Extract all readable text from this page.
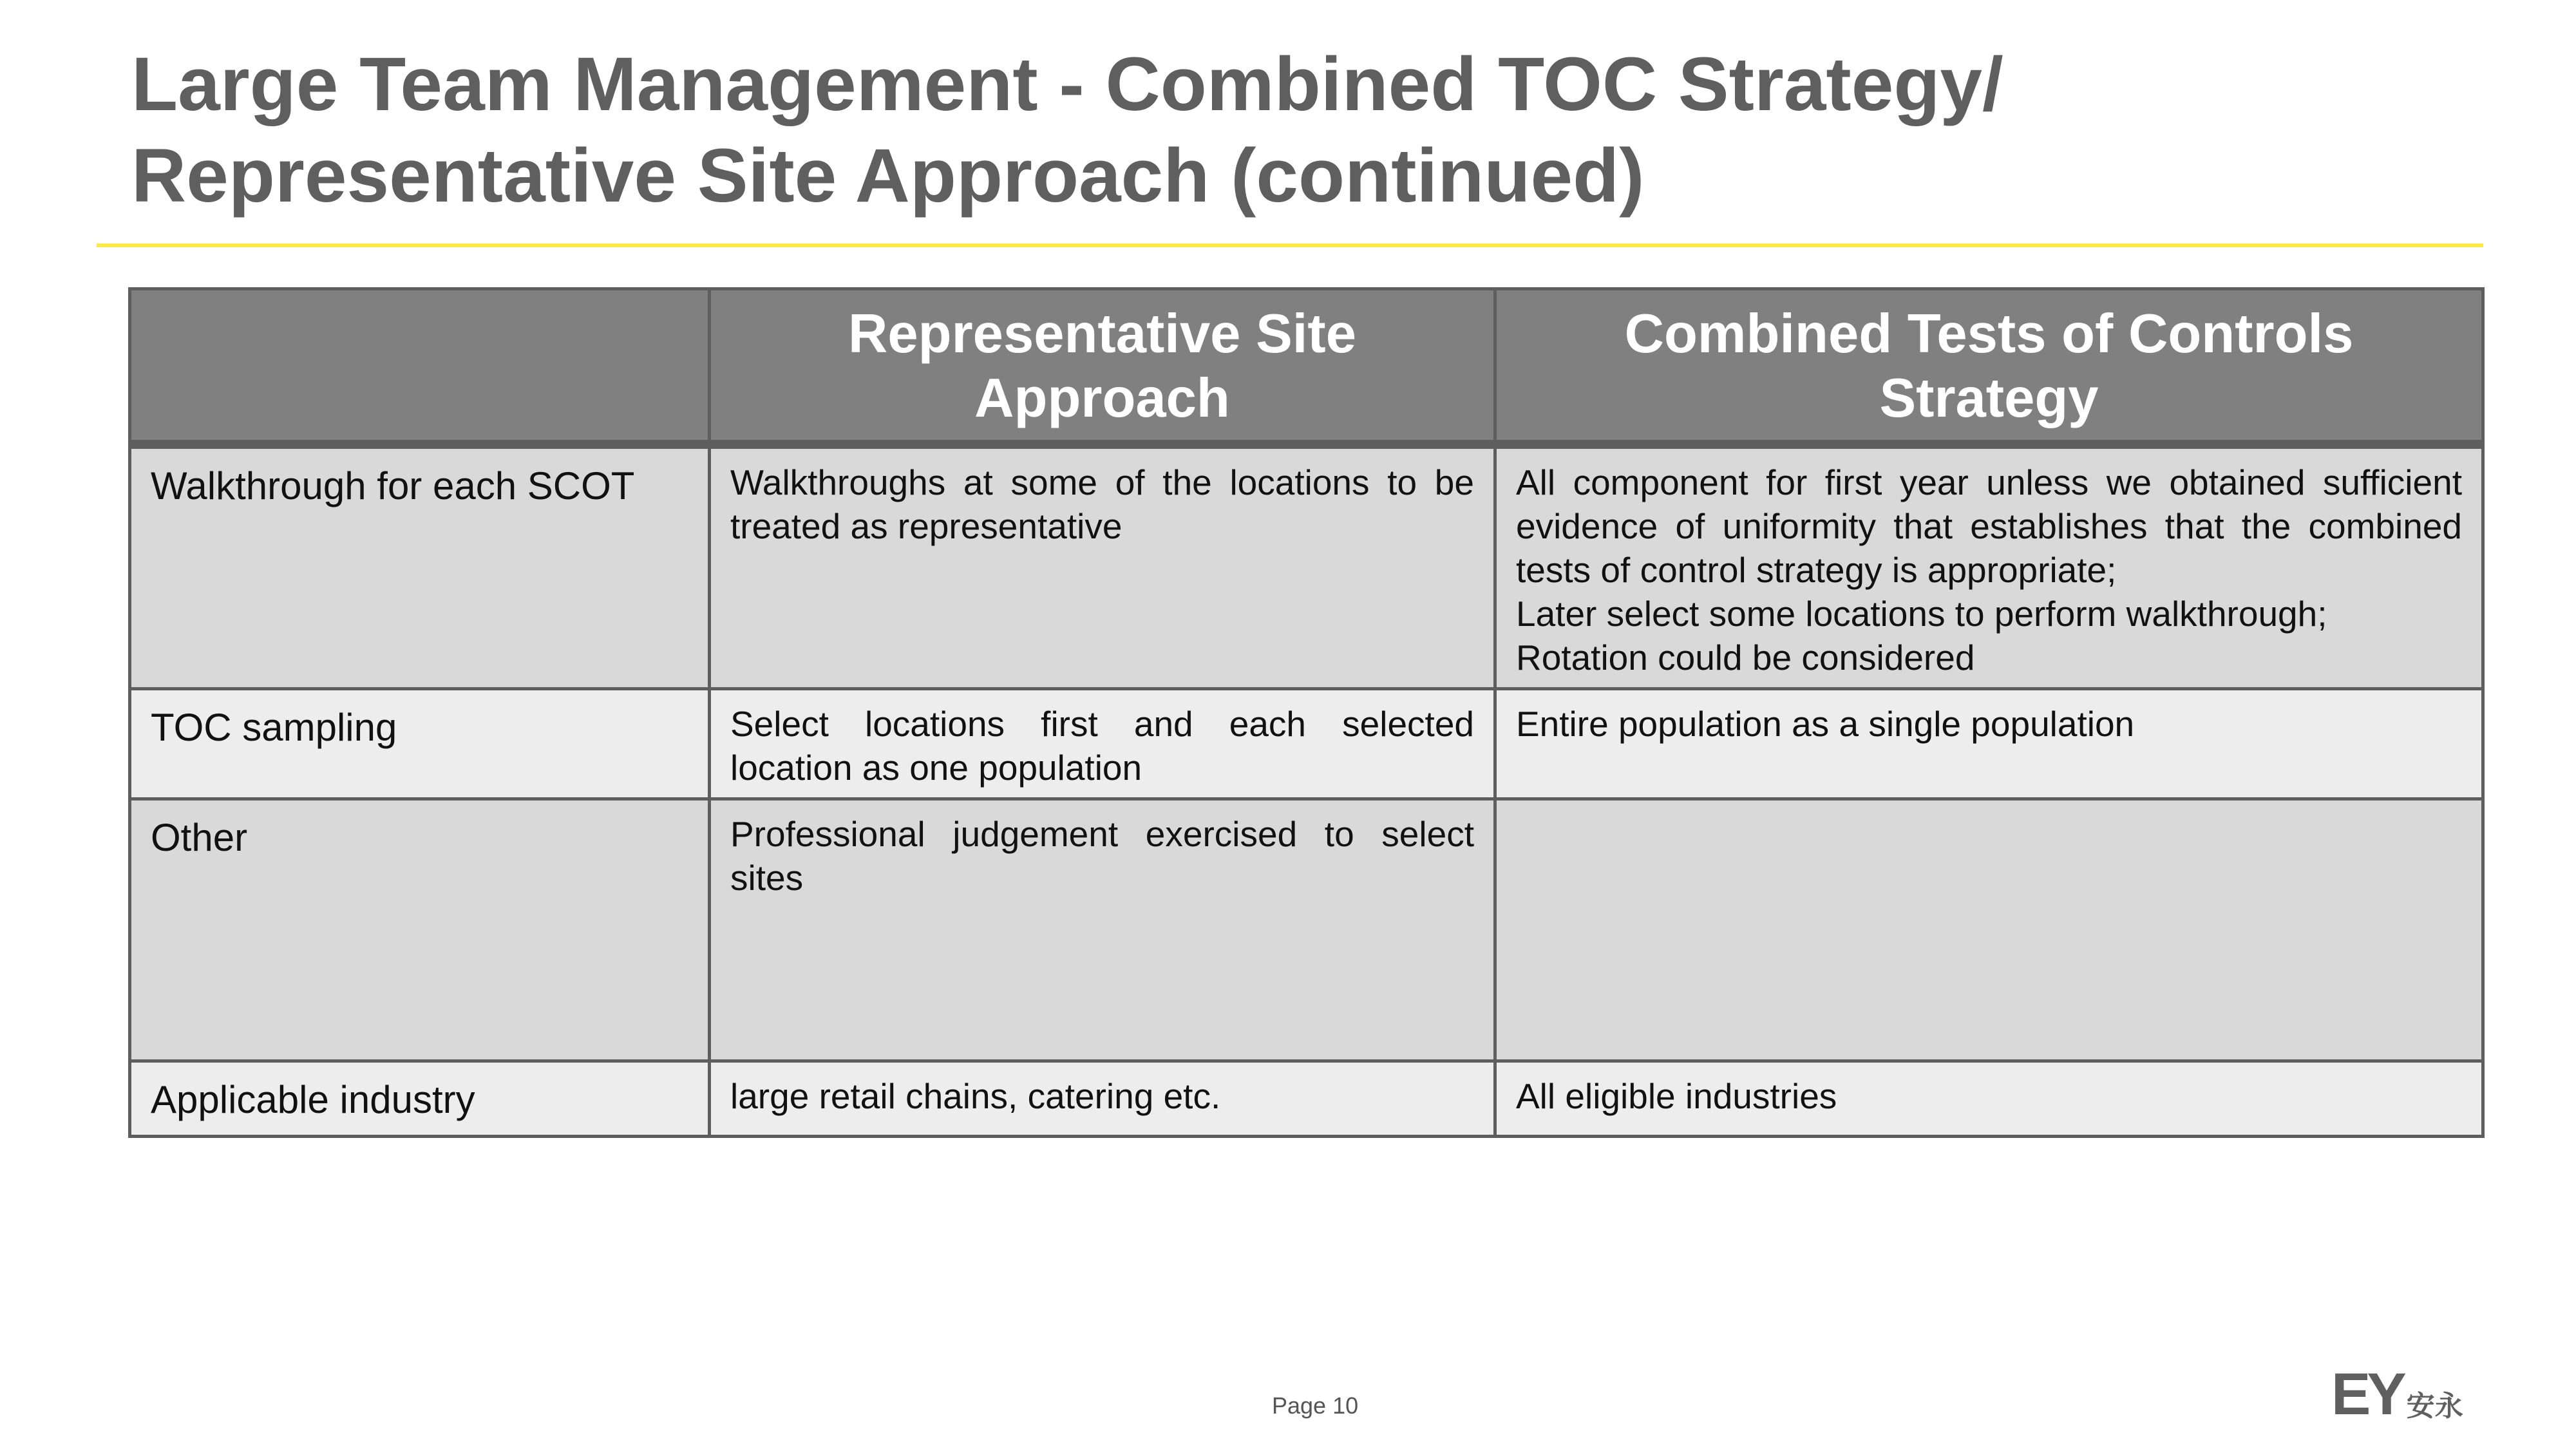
Large Team Management - Combined TOC Strategy/
Representative Site Approach (continued)
	Representative Site Approach	Combined Tests of Controls Strategy
Walkthrough for each SCOT	Walkthroughs at some of the locations to be treated as representative	All component for first year unless we obtained sufficient evidence of uniformity that establishes that the combined tests of control strategy is appropriate;
Later select some locations to perform walkthrough;
Rotation could be considered

TOC sampling	Select locations first and each selected location as one population	Entire population as a single population

Other	Professional judgement exercised to select sites	

Applicable industry	large retail chains, catering etc.	All eligible industries
Page 10	EY 安永
